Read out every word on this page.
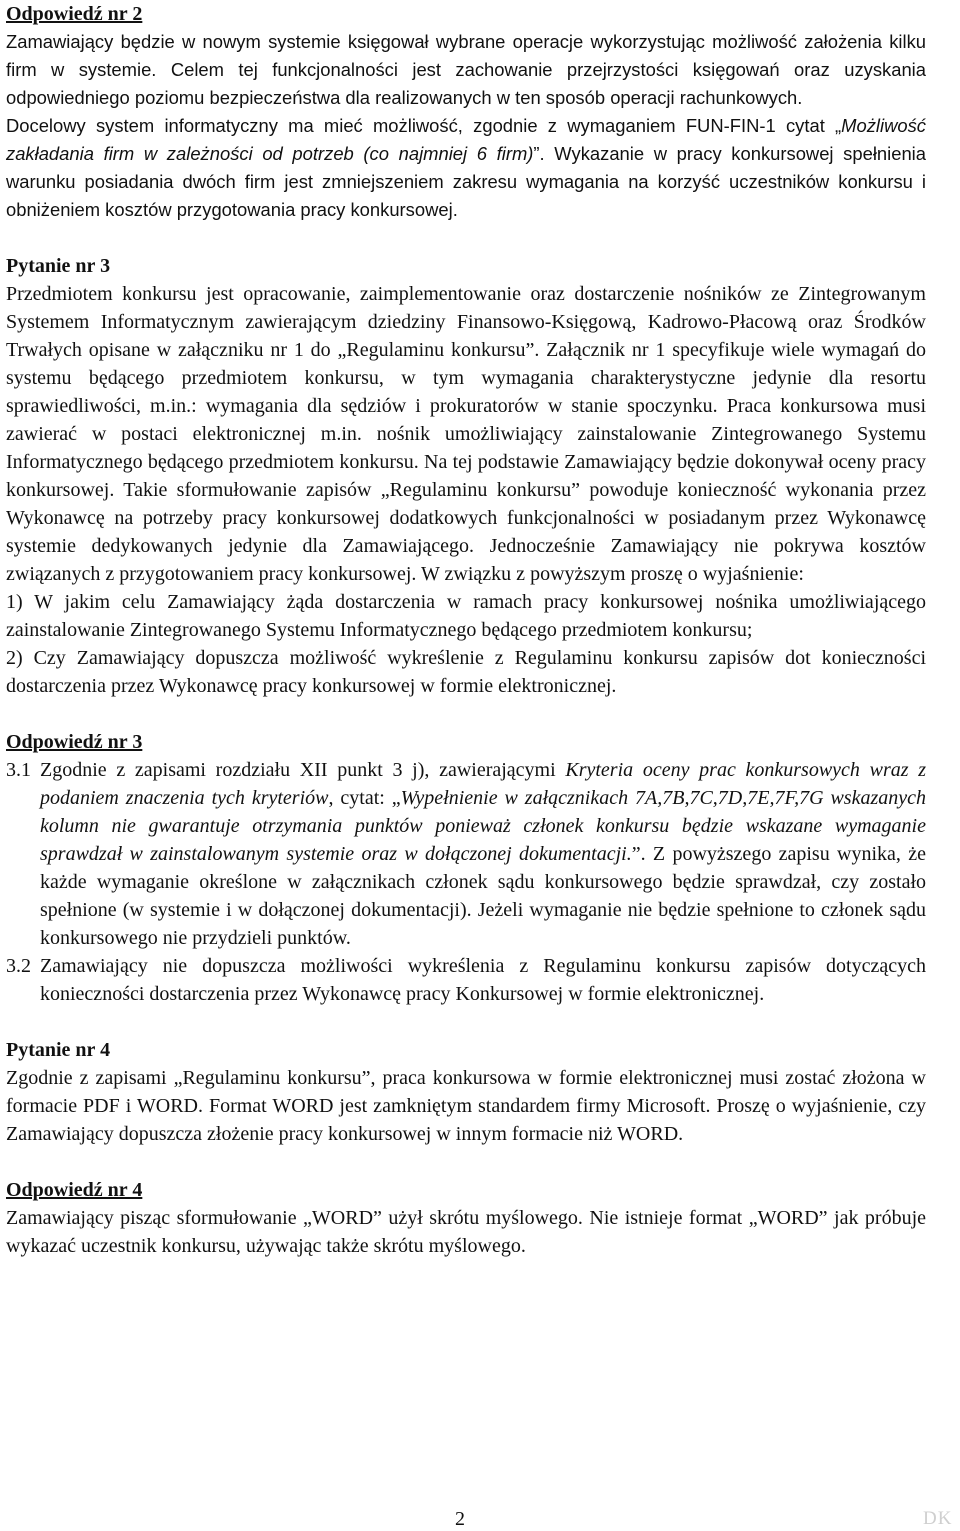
Odpowiedź nr 2

Zamawiający będzie w nowym systemie księgował wybrane operacje wykorzystując możliwość założenia kilku firm w systemie. Celem tej funkcjonalności jest zachowanie przejrzystości księgowań oraz uzyskania odpowiedniego poziomu bezpieczeństwa dla realizowanych w ten sposób operacji rachunkowych.

Docelowy system informatyczny ma mieć możliwość, zgodnie z wymaganiem FUN-FIN-1 cytat „Możliwość zakładania firm w zależności od potrzeb (co najmniej 6 firm)”. Wykazanie w pracy konkursowej spełnienia warunku posiadania dwóch firm jest zmniejszeniem zakresu wymagania na korzyść uczestników konkursu i obniżeniem kosztów przygotowania pracy konkursowej.

Pytanie nr 3

Przedmiotem konkursu jest opracowanie, zaimplementowanie oraz dostarczenie nośników ze Zintegrowanym Systemem Informatycznym zawierającym dziedziny Finansowo-Księgową, Kadrowo-Płacową oraz Środków Trwałych opisane w załączniku nr 1 do „Regulaminu konkursu”. Załącznik nr 1 specyfikuje wiele wymagań do systemu będącego przedmiotem konkursu, w tym wymagania charakterystyczne jedynie dla resortu sprawiedliwości, m.in.: wymagania dla sędziów i prokuratorów w stanie spoczynku. Praca konkursowa musi zawierać w postaci elektronicznej m.in. nośnik umożliwiający zainstalowanie Zintegrowanego Systemu Informatycznego będącego przedmiotem konkursu. Na tej podstawie Zamawiający będzie dokonywał oceny pracy konkursowej. Takie sformułowanie zapisów „Regulaminu konkursu” powoduje konieczność wykonania przez Wykonawcę na potrzeby pracy konkursowej dodatkowych funkcjonalności w posiadanym przez Wykonawcę systemie dedykowanych jedynie dla Zamawiającego. Jednocześnie Zamawiający nie pokrywa kosztów związanych z przygotowaniem pracy konkursowej. W związku z powyższym proszę o wyjaśnienie:

1) W jakim celu Zamawiający żąda dostarczenia w ramach pracy konkursowej nośnika umożliwiającego zainstalowanie Zintegrowanego Systemu Informatycznego będącego przedmiotem konkursu;

2) Czy Zamawiający dopuszcza możliwość wykreślenie z Regulaminu konkursu zapisów dot konieczności dostarczenia przez Wykonawcę pracy konkursowej w formie elektronicznej.

Odpowiedź nr 3
3.1 Zgodnie z zapisami rozdziału XII punkt 3 j), zawierającymi Kryteria oceny prac konkursowych wraz z podaniem znaczenia tych kryteriów, cytat: „Wypełnienie w załącznikach 7A,7B,7C,7D,7E,7F,7G wskazanych kolumn nie gwarantuje otrzymania punktów ponieważ członek konkursu będzie wskazane wymaganie sprawdzał w zainstalowanym systemie oraz w dołączonej dokumentacji.”. Z powyższego zapisu wynika, że każde wymaganie określone w załącznikach członek sądu konkursowego będzie sprawdzał, czy zostało spełnione (w systemie i w dołączonej dokumentacji). Jeżeli wymaganie nie będzie spełnione to członek sądu konkursowego nie przydzieli punktów.

3.2 Zamawiający nie dopuszcza możliwości wykreślenia z Regulaminu konkursu zapisów dotyczących konieczności dostarczenia przez Wykonawcę pracy Konkursowej w formie elektronicznej.

Pytanie nr 4

Zgodnie z zapisami „Regulaminu konkursu”, praca konkursowa w formie elektronicznej musi zostać złożona w formacie PDF i WORD. Format WORD jest zamkniętym standardem firmy Microsoft. Proszę o wyjaśnienie, czy Zamawiający dopuszcza złożenie pracy konkursowej w innym formacie niż WORD.

Odpowiedź nr 4

Zamawiający pisząc sformułowanie „WORD” użył skrótu myślowego. Nie istnieje format „WORD” jak próbuje wykazać uczestnik konkursu, używając także skrótu myślowego.

2	DK
